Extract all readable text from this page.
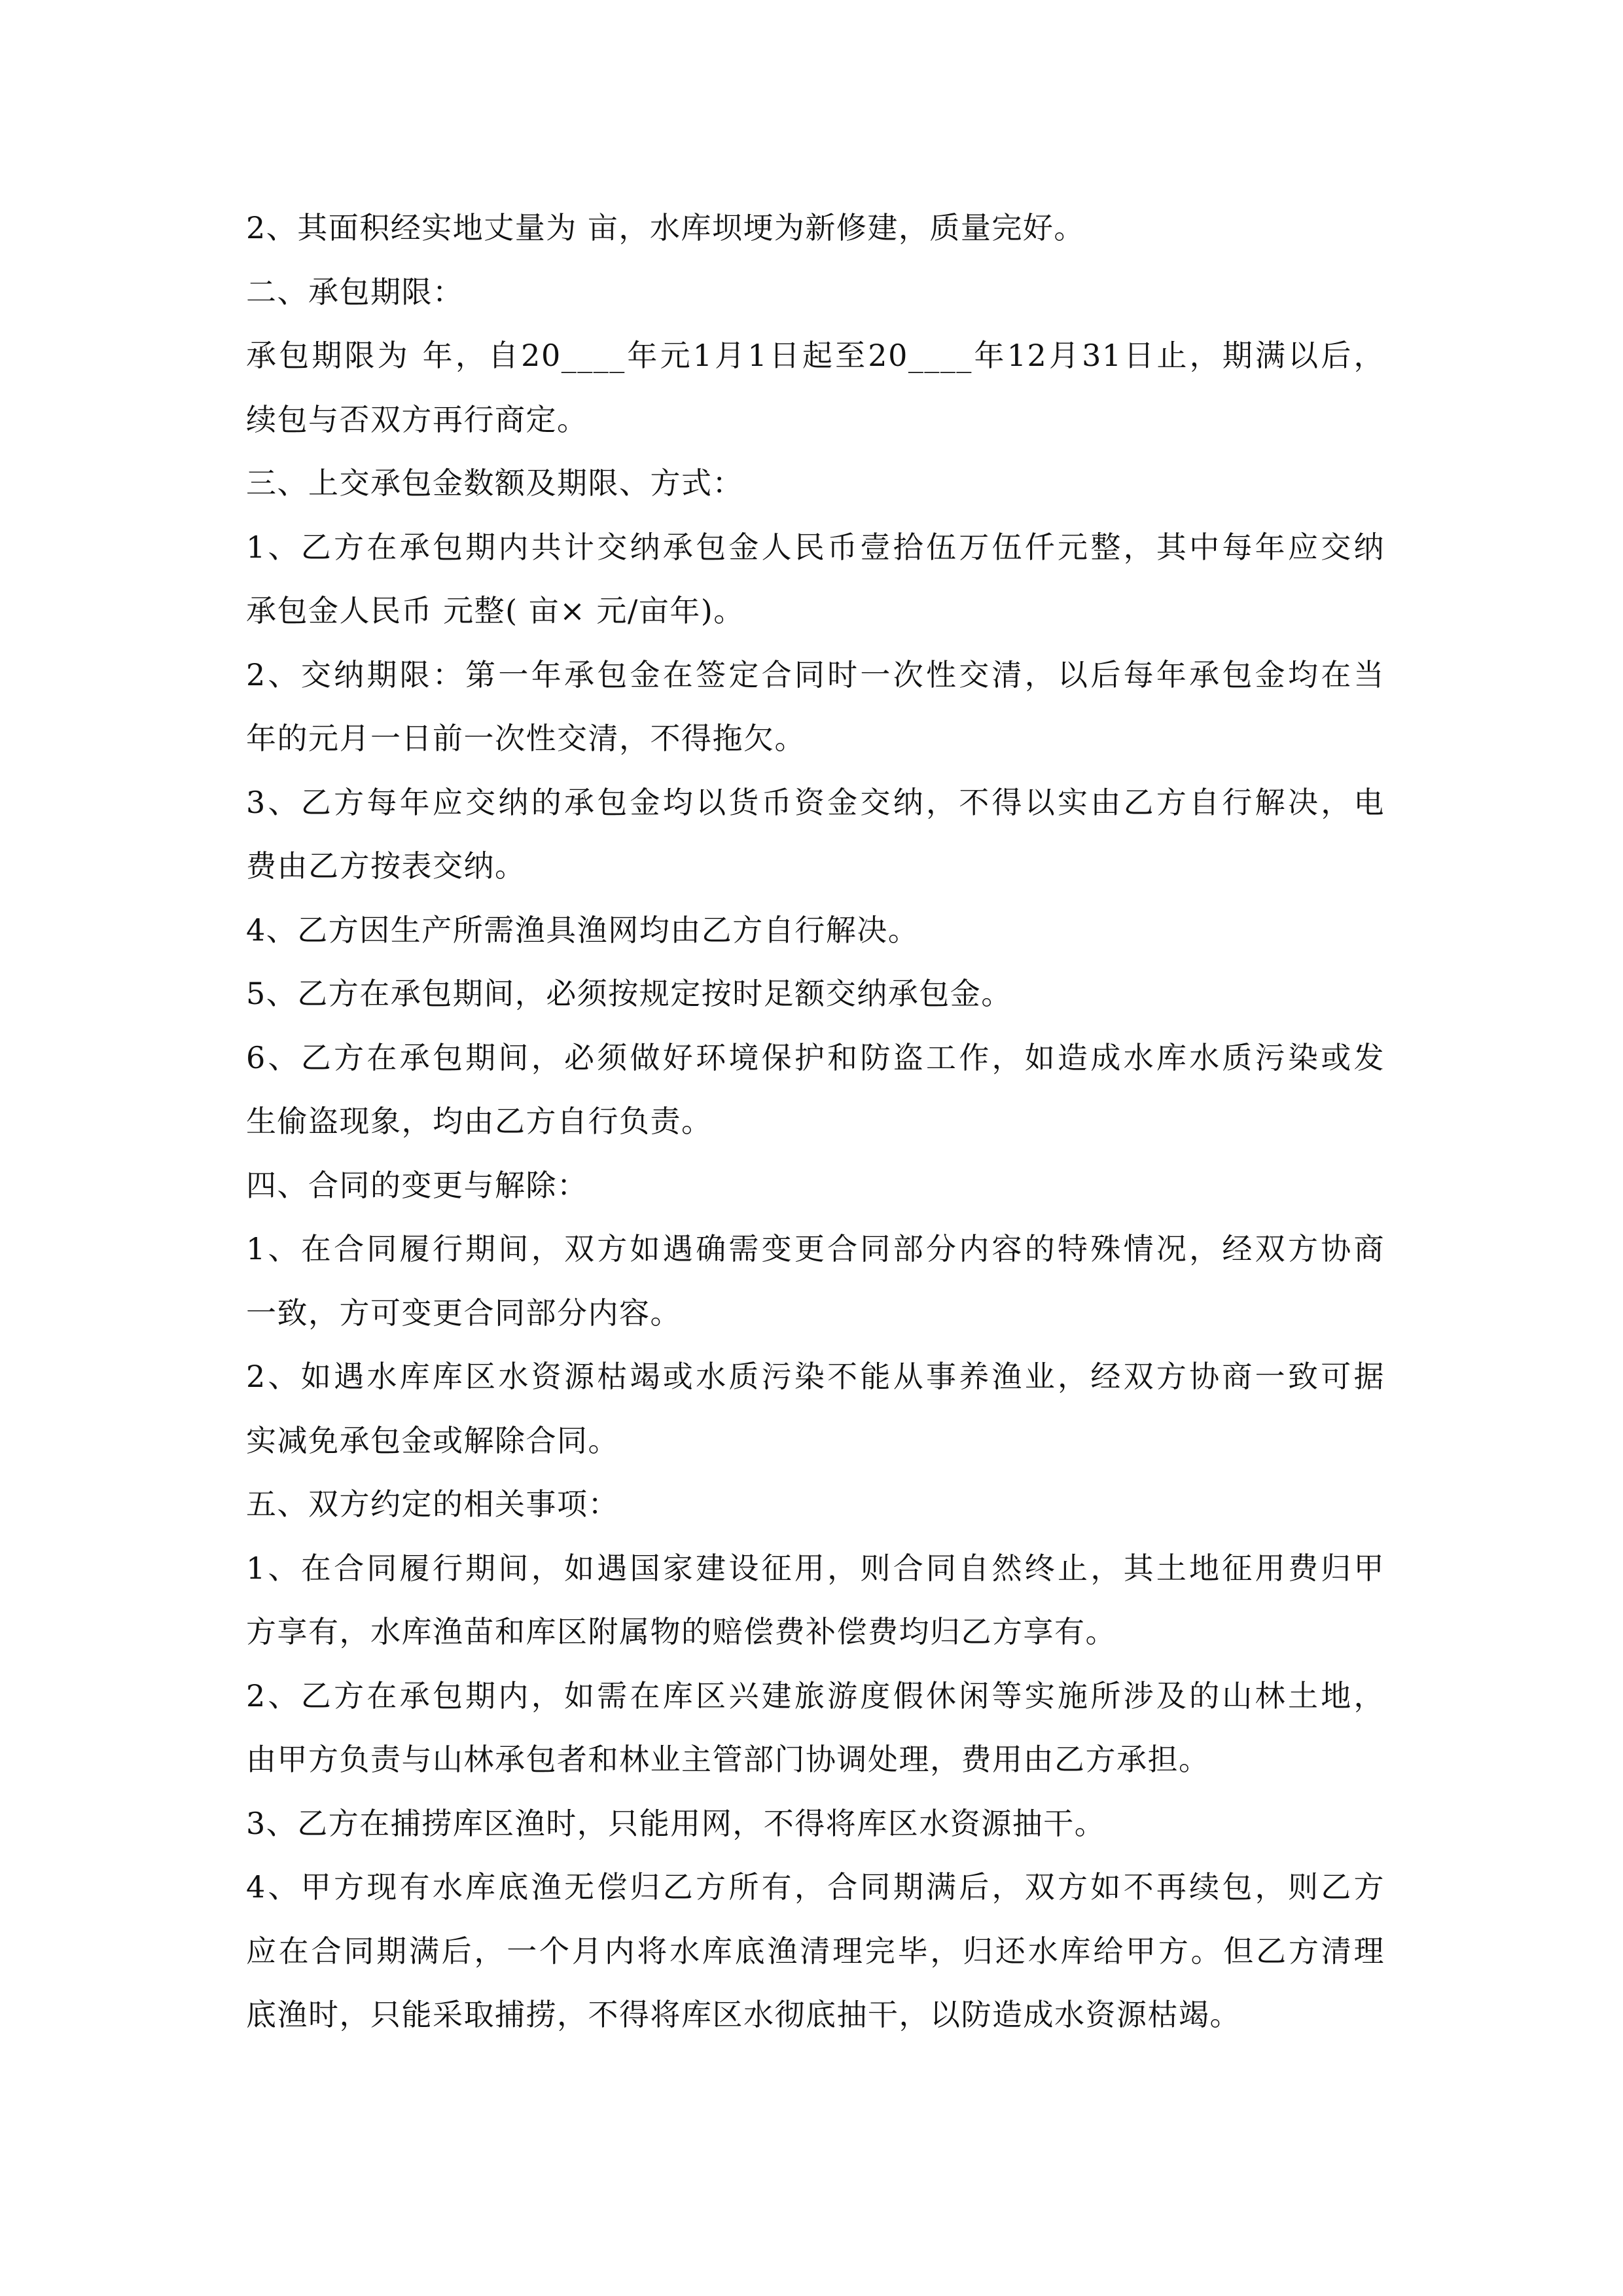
2、其面积经实地丈量为 亩，水库坝埂为新修建，质量完好。

二、承包期限：

承包期限为 年，自20____年元1月1日起至20____年12月31日止，期满以后，

续包与否双方再行商定。

三、上交承包金数额及期限、方式：

1、乙方在承包期内共计交纳承包金人民币壹拾伍万伍仟元整，其中每年应交纳

承包金人民币 元整( 亩× 元/亩年)。

2、交纳期限：第一年承包金在签定合同时一次性交清，以后每年承包金均在当

年的元月一日前一次性交清，不得拖欠。

3、乙方每年应交纳的承包金均以货币资金交纳，不得以实由乙方自行解决，电

费由乙方按表交纳。

4、乙方因生产所需渔具渔网均由乙方自行解决。

5、乙方在承包期间，必须按规定按时足额交纳承包金。

6、乙方在承包期间，必须做好环境保护和防盗工作，如造成水库水质污染或发

生偷盗现象，均由乙方自行负责。

四、合同的变更与解除：

1、在合同履行期间，双方如遇确需变更合同部分内容的特殊情况，经双方协商

一致，方可变更合同部分内容。

2、如遇水库库区水资源枯竭或水质污染不能从事养渔业，经双方协商一致可据

实减免承包金或解除合同。

五、双方约定的相关事项：

1、在合同履行期间，如遇国家建设征用，则合同自然终止，其土地征用费归甲

方享有，水库渔苗和库区附属物的赔偿费补偿费均归乙方享有。

2、乙方在承包期内，如需在库区兴建旅游度假休闲等实施所涉及的山林土地，

由甲方负责与山林承包者和林业主管部门协调处理，费用由乙方承担。

3、乙方在捕捞库区渔时，只能用网，不得将库区水资源抽干。

4、甲方现有水库底渔无偿归乙方所有，合同期满后，双方如不再续包，则乙方

应在合同期满后，一个月内将水库底渔清理完毕，归还水库给甲方。但乙方清理

底渔时，只能采取捕捞，不得将库区水彻底抽干，以防造成水资源枯竭。
